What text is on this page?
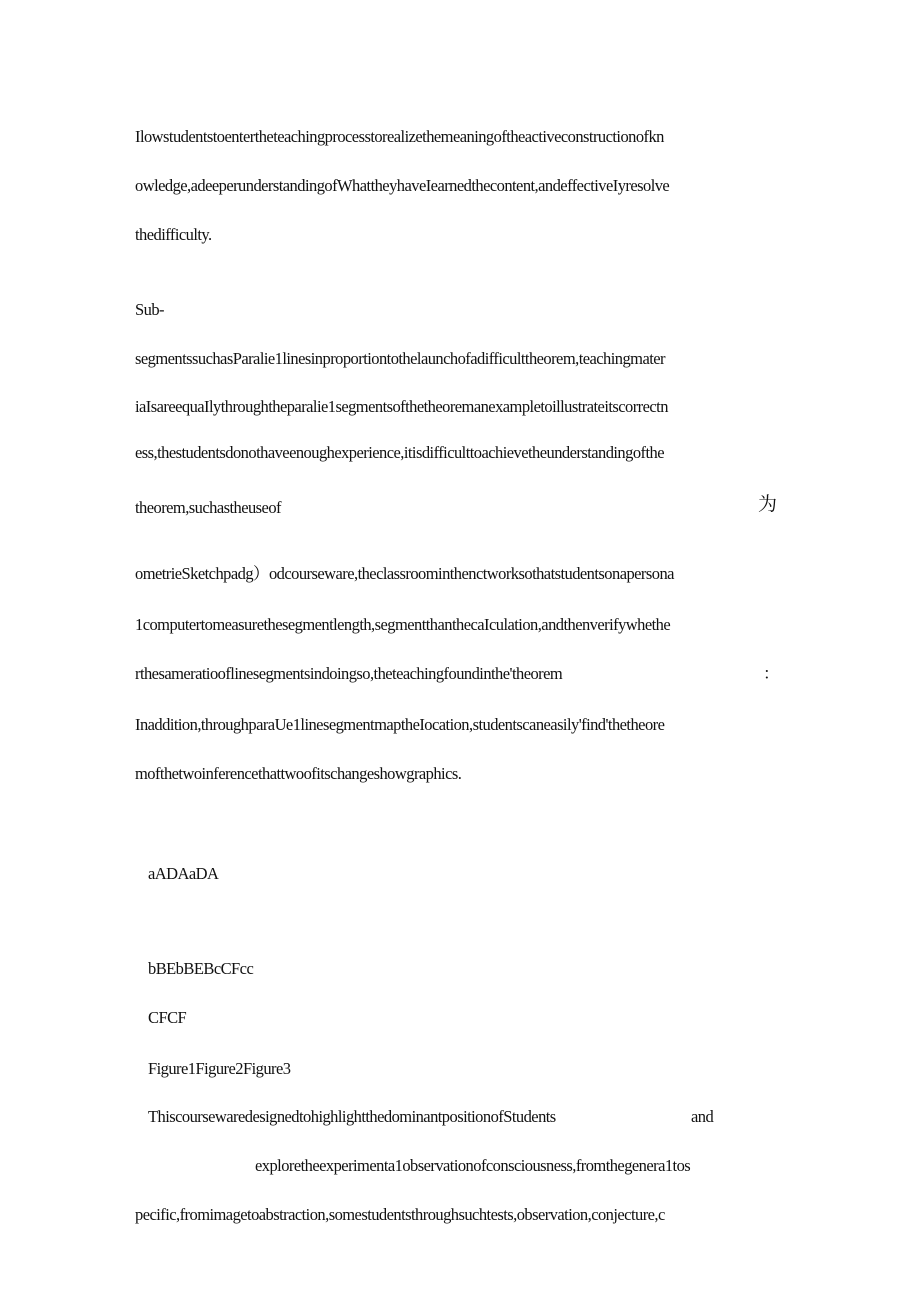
Ilowstudentstoentertheteachingprocesstorealizethemeaningoftheactiveconstructionofkn
owledge,adeeperunderstandingofWhattheyhaveIearnedthecontent,andeffectiveIyresolve
thedifficulty.
Sub-
segmentssuchasParalie1linesinproportiontothelaunchofadifficulttheorem,teachingmater
iaIsareequaIlythroughtheparalie1segmentsofthetheoremanexampletoillustrateitscorrectn
ess,thestudentsdonothaveenoughexperience,itisdifficulttoachievetheunderstandingofthe
theorem,suchastheuseof	为
ometrieSketchpadg）odcourseware,theclassroominthenctworksothatstudentsonapersona
1computertomeasurethesegmentlength,segmentthanthecaIculation,andthenverifywhethe
rthesameratiooflinesegmentsindoingso,theteachingfoundinthe'theorem	：
Inaddition,throughparaUe1linesegmentmaptheIocation,studentscaneasily'find'thetheore
mofthetwoinferencethattwoofitschangeshowgraphics.
aADAaDA
bBEbBEBcCFcc
CFCF
Figure1Figure2Figure3
ThiscoursewaredesignedtohighlightthedominantpositionofStudents	and
exploretheexperimenta1observationofconsciousness,fromthegenera1tos
pecific,fromimagetoabstraction,somestudentsthroughsuchtests,observation,conjecture,c
